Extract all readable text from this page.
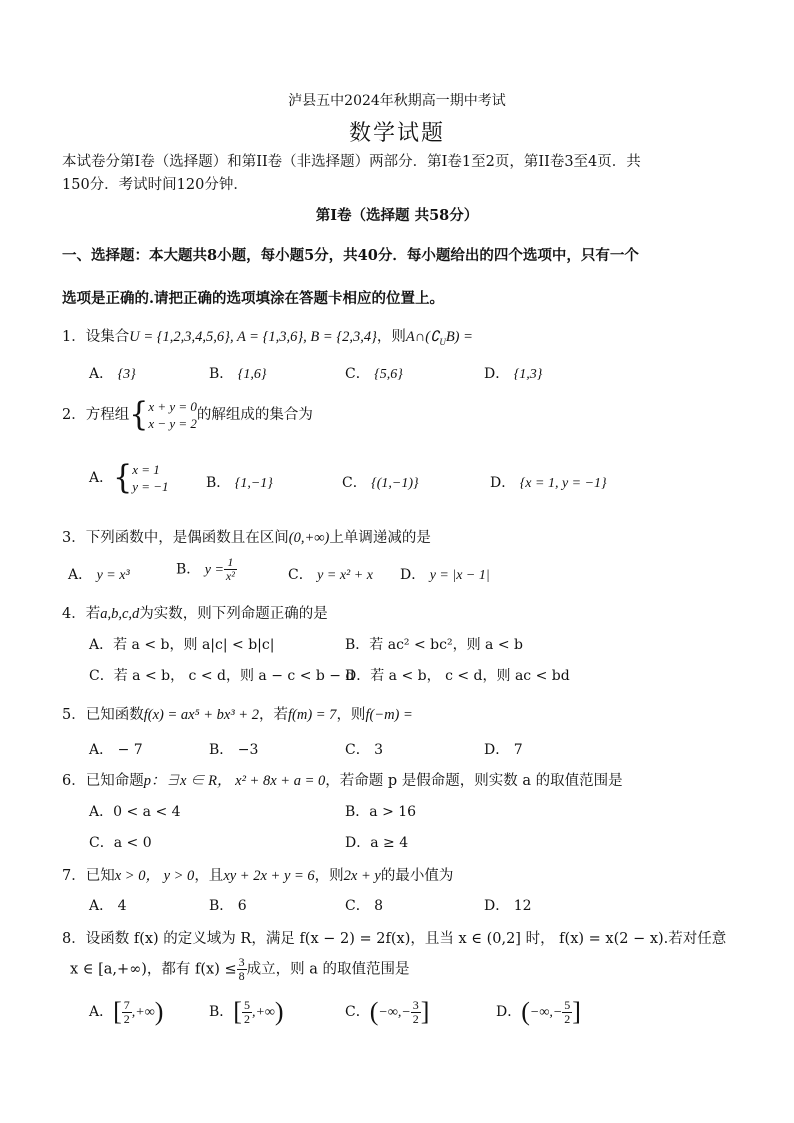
泸县五中2024年秋期高一期中考试
数学试题
本试卷分第I卷（选择题）和第II卷（非选择题）两部分．第I卷1至2页，第II卷3至4页．共
150分．考试时间120分钟．
第I卷（选择题 共58分）
一、选择题：本大题共8小题，每小题5分，共40分．每小题给出的四个选项中，只有一个
选项是正确的.请把正确的选项填涂在答题卡相应的位置上。
1．设集合U = {1,2,3,4,5,6}, A = {1,3,6}, B = {2,3,4}，则$A\cap(∁_UB)$ =
A． {3}	B． {1,6}	C． {5,6}	D． {1,3}
2．方程组{ x + y = 0
x − y = 2
的解组成的集合为
A．{ x = 1
y = −1	B． {1,−1}	C． {(1,−1)}	D． {x = 1, y = −1}
3．下列函数中，是偶函数且在区间(0,+∞)上单调递减的是
A． y = x³	B． $y = \frac{1}{\text{x²}}$	C． y = x² + x D． y = |x − 1|
4．若a,b,c,d为实数，则下列命题正确的是
A．若 a < b，则 a|c| < b|c|	B．若 ac² < bc²，则 a < b
C．若 a < b， c < d，则 a − c < b − d
D．若 a < b， c < d，则 ac < bd
5．已知函数f(x) = ax⁵ + bx³ + 2，若f(m) = 7，则f(−m) =
A． − 7	B． −3	C． 3	D． 7
6．已知命题p：∃x ∈ R， x² + 8x + a = 0，若命题 p 是假命题，则实数 a 的取值范围是
A．0 < a < 4	B．a > 16
C．a < 0	D．a ≥ 4
7．已知x > 0， y > 0，且xy + 2x + y = 6，则2x + y的最小值为
A． 4	B． 6	C． 8	D． 12
8．设函数 f(x) 的定义域为 R，满足 f(x − 2) = 2f(x)，且当 x ∈ (0,2] 时， f(x) = x(2 − x).若对任意
x ∈ [a,+∞)，都有 $f(x) \le \frac{3}{8}$ 成立，则 a 的取值范围是
A．[ $\frac{7}{2}$ ,+∞)	B．[ $\frac{5}{2}$ ,+∞)	C．(−∞,− $\frac{3}{2}$ ]	D．(−∞,− $\frac{5}{2}$ ]
